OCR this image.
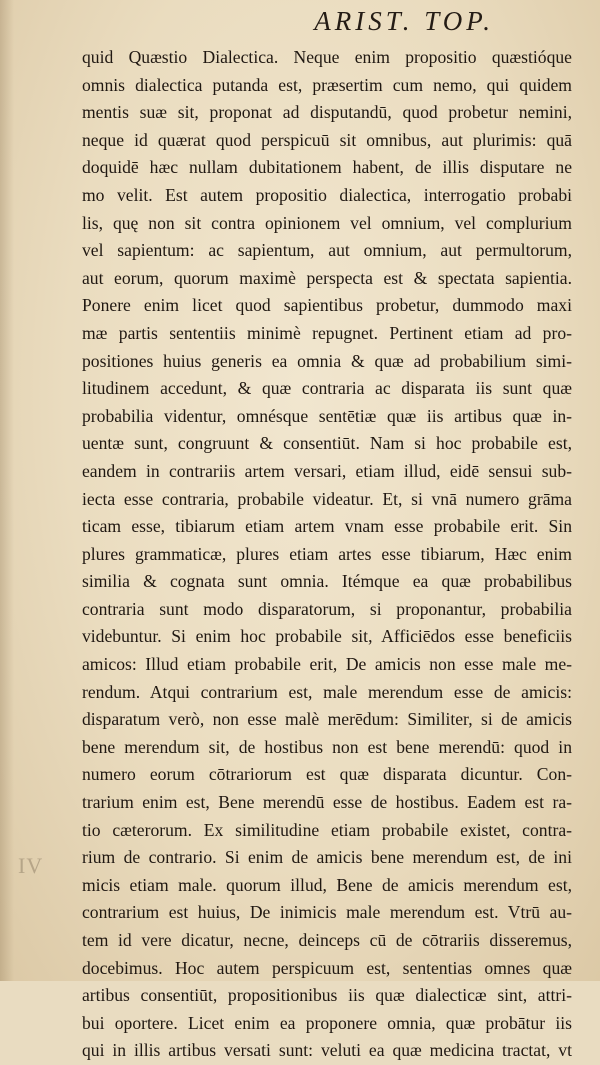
ARIST. TOP.
IV
quid Quæstio Dialectica. Neque enim propositio quæstióque
omnis dialectica putanda est, præsertim cum nemo, qui quidem
mentis suæ sit, proponat ad disputandū, quod probetur nemini,
neque id quærat quod perspicuū sit omnibus, aut plurimis: quā
doquidē hæc nullam dubitationem habent, de illis disputare ne
mo velit. Est autem propositio dialectica, interrogatio probabi
lis, quę non sit contra opinionem vel omnium, vel complurium
vel sapientum: ac sapientum, aut omnium, aut permultorum,
aut eorum, quorum maximè perspecta est & spectata sapientia.
Ponere enim licet quod sapientibus probetur, dummodo maxi
mæ partis sententiis minimè repugnet. Pertinent etiam ad pro-
positiones huius generis ea omnia & quæ ad probabilium simi-
litudinem accedunt, & quæ contraria ac disparata iis sunt quæ
probabilia videntur, omnésque sentētiæ quæ iis artibus quæ in-
uentæ sunt, congruunt & consentiūt. Nam si hoc probabile est,
eandem in contrariis artem versari, etiam illud, eidē sensui sub-
iecta esse contraria, probabile videatur. Et, si vnā numero grāma
ticam esse, tibiarum etiam artem vnam esse probabile erit. Sin
plures grammaticæ, plures etiam artes esse tibiarum, Hæc enim
similia & cognata sunt omnia. Itémque ea quæ probabilibus
contraria sunt modo disparatorum, si proponantur, probabilia
videbuntur. Si enim hoc probabile sit, Afficiēdos esse beneficiis
amicos: Illud etiam probabile erit, De amicis non esse male me-
rendum. Atqui contrarium est, male merendum esse de amicis:
disparatum verò, non esse malè merēdum: Similiter, si de amicis
bene merendum sit, de hostibus non est bene merendū: quod in
numero eorum cōtrariorum est quæ disparata dicuntur. Con-
trarium enim est, Bene merendū esse de hostibus. Eadem est ra-
tio cæterorum. Ex similitudine etiam probabile existet, contra-
rium de contrario. Si enim de amicis bene merendum est, de ini
micis etiam male. quorum illud, Bene de amicis merendum est,
contrarium est huius, De inimicis male merendum est. Vtrū au-
tem id vere dicatur, necne, deinceps cū de cōtrariis disseremus,
docebimus. Hoc autem perspicuum est, sententias omnes quæ
artibus consentiūt, propositionibus iis quæ dialecticæ sint, attri-
bui oportere. Licet enim ea proponere omnia, quæ probātur iis
qui in illis artibus versati sunt: veluti ea quæ medicina tractat, vt
